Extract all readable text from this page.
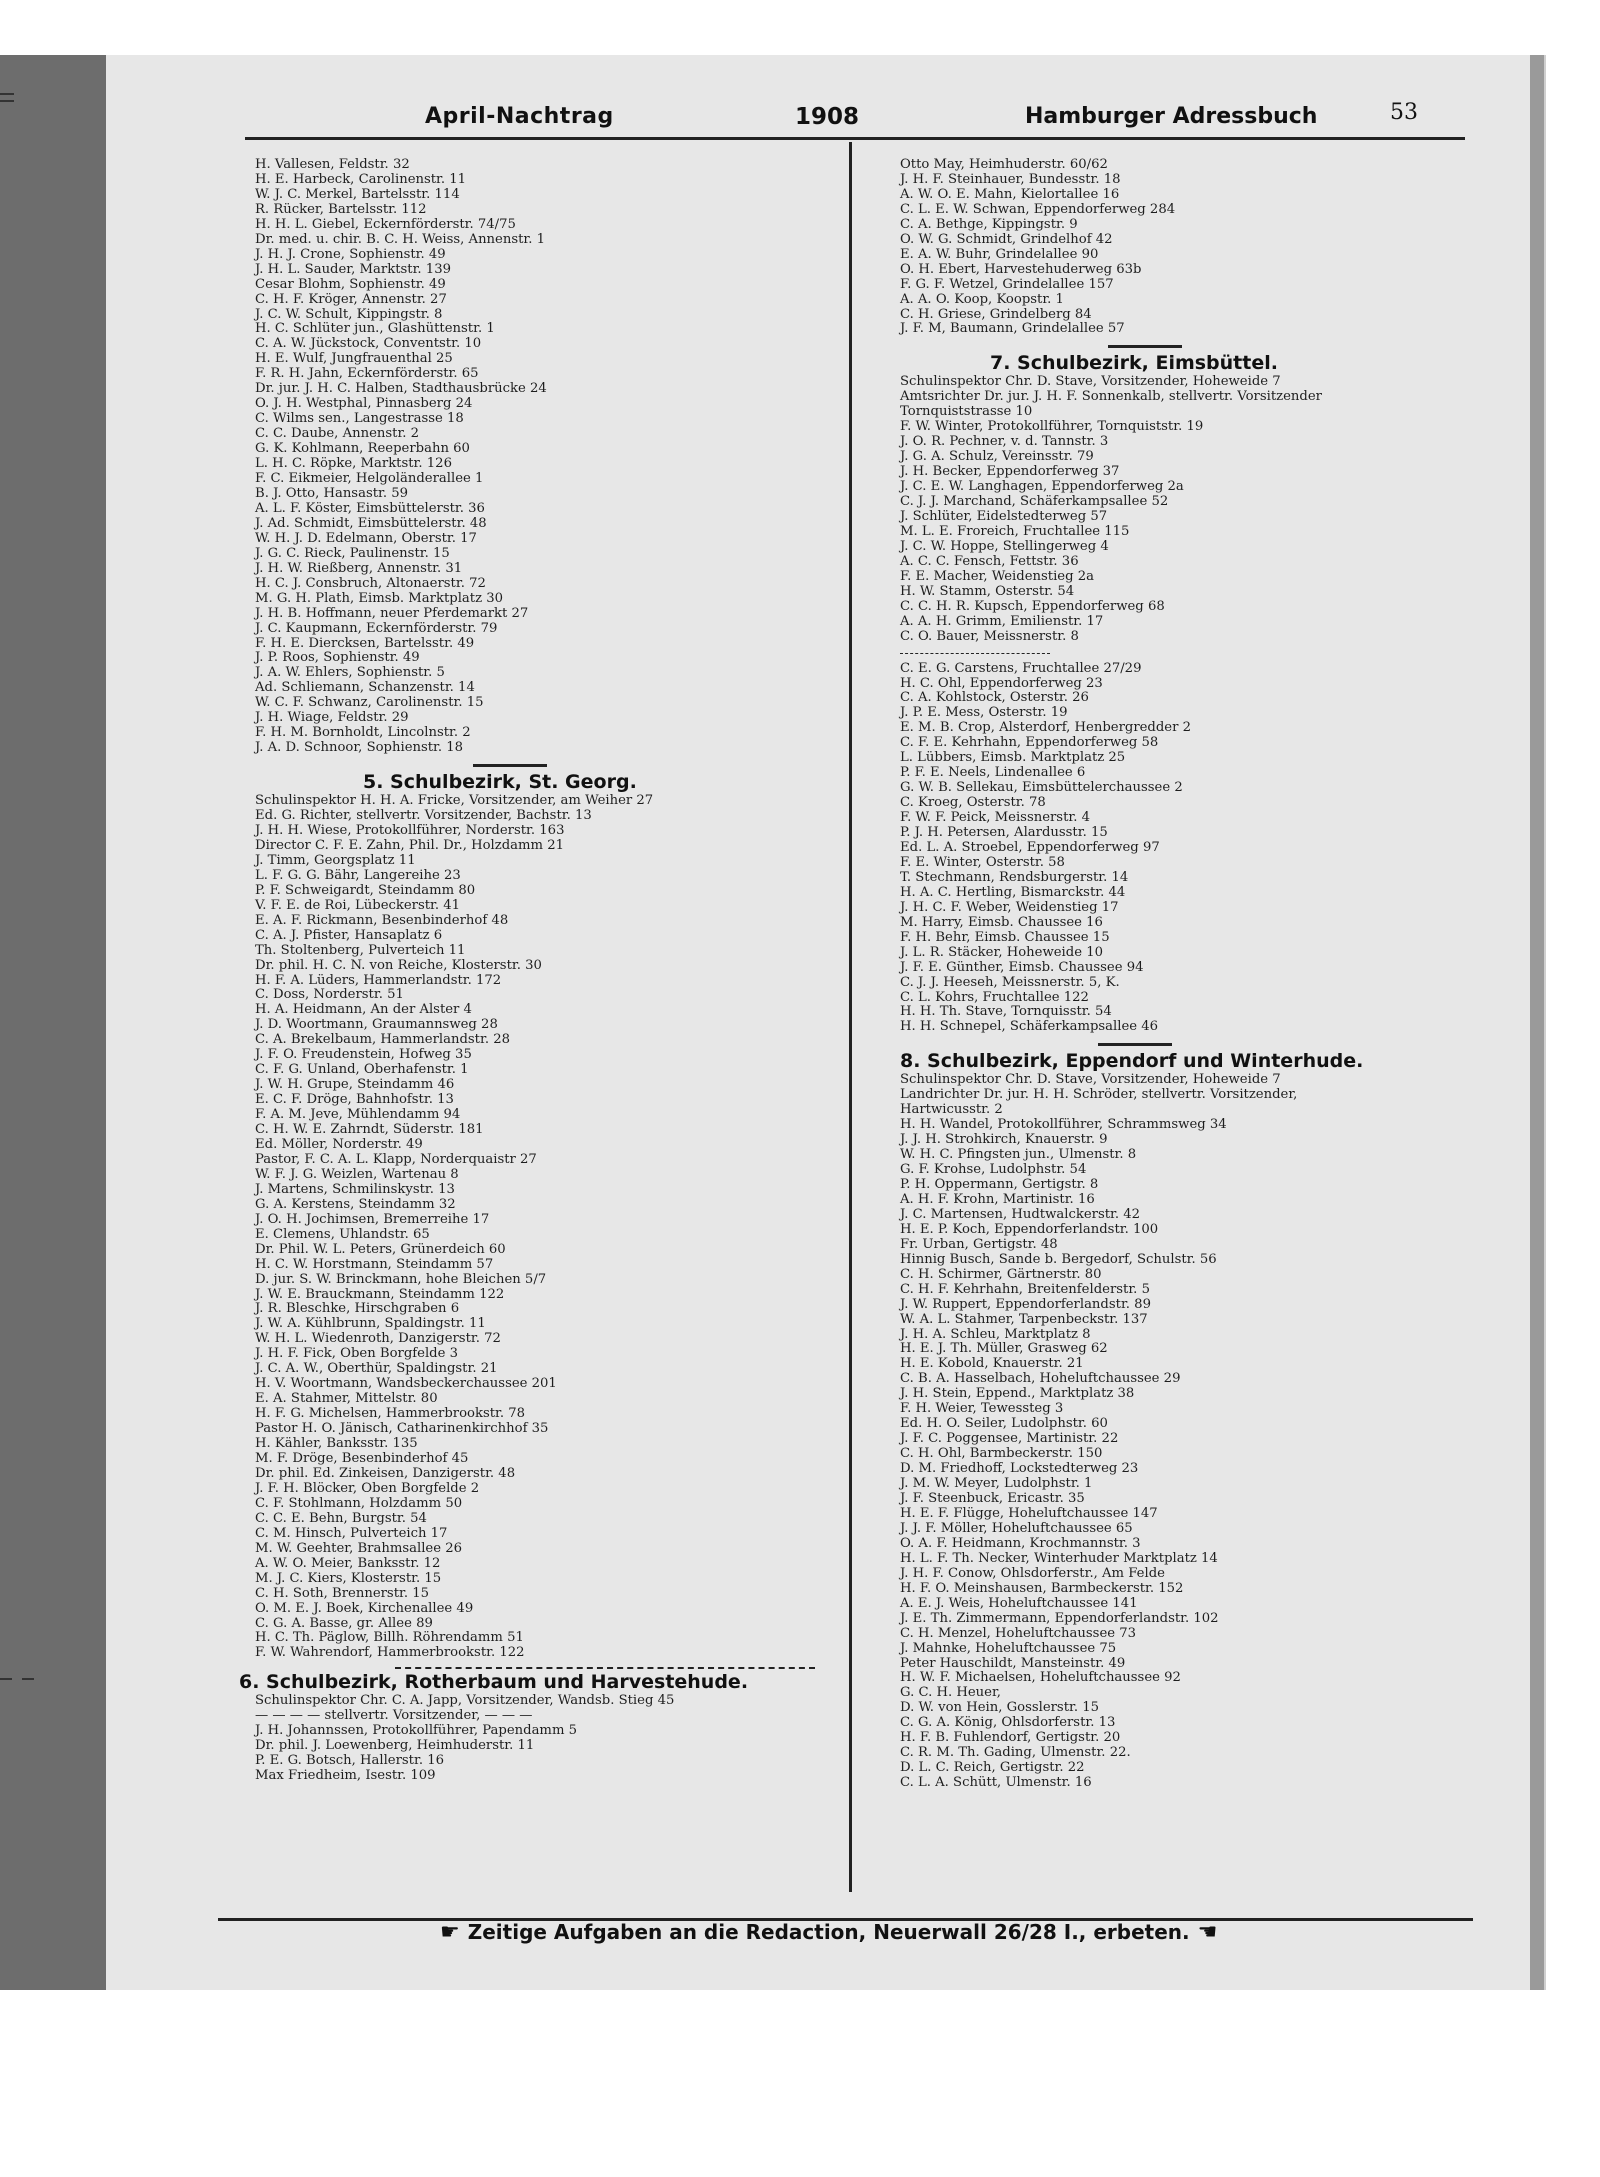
April-Nachtrag	1908	Hamburger Adressbuch	53
H. Vallesen, Feldstr. 32
H. E. Harbeck, Carolinenstr. 11
W. J. C. Merkel, Bartelsstr. 114
R. Rücker, Bartelsstr. 112
H. H. L. Giebel, Eckernförderstr. 74/75
Dr. med. u. chir. B. C. H. Weiss, Annenstr. 1
J. H. J. Crone, Sophienstr. 49
J. H. L. Sauder, Marktstr. 139
Cesar Blohm, Sophienstr. 49
C. H. F. Kröger, Annenstr. 27
J. C. W. Schult, Kippingstr. 8
H. C. Schlüter jun., Glashüttenstr. 1
C. A. W. Jückstock, Conventstr. 10
H. E. Wulf, Jungfrauenthal 25
F. R. H. Jahn, Eckernförderstr. 65
Dr. jur. J. H. C. Halben, Stadthausbrücke 24
O. J. H. Westphal, Pinnasberg 24
C. Wilms sen., Langestrasse 18
C. C. Daube, Annenstr. 2
G. K. Kohlmann, Reeperbahn 60
L. H. C. Röpke, Marktstr. 126
F. C. Eikmeier, Helgoländerallee 1
B. J. Otto, Hansastr. 59
A. L. F. Köster, Eimsbüttelerstr. 36
J. Ad. Schmidt, Eimsbüttelerstr. 48
W. H. J. D. Edelmann, Oberstr. 17
J. G. C. Rieck, Paulinenstr. 15
J. H. W. Rießberg, Annenstr. 31
H. C. J. Consbruch, Altonaerstr. 72
M. G. H. Plath, Eimsb. Marktplatz 30
J. H. B. Hoffmann, neuer Pferdemarkt 27
J. C. Kaupmann, Eckernförderstr. 79
F. H. E. Diercksen, Bartelsstr. 49
J. P. Roos, Sophienstr. 49
J. A. W. Ehlers, Sophienstr. 5
Ad. Schliemann, Schanzenstr. 14
W. C. F. Schwanz, Carolinenstr. 15
J. H. Wiage, Feldstr. 29
F. H. M. Bornholdt, Lincolnstr. 2
J. A. D. Schnoor, Sophienstr. 18
5. Schulbezirk, St. Georg.
Schulinspektor H. H. A. Fricke, Vorsitzender, am Weiher 27
Ed. G. Richter, stellvertr. Vorsitzender, Bachstr. 13
J. H. H. Wiese, Protokollführer, Norderstr. 163
Director C. F. E. Zahn, Phil. Dr., Holzdamm 21
J. Timm, Georgsplatz 11
L. F. G. G. Bähr, Langereihe 23
P. F. Schweigardt, Steindamm 80
V. F. E. de Roi, Lübeckerstr. 41
E. A. F. Rickmann, Besenbinderhof 48
C. A. J. Pfister, Hansaplatz 6
Th. Stoltenberg, Pulverteich 11
Dr. phil. H. C. N. von Reiche, Klosterstr. 30
H. F. A. Lüders, Hammerlandstr. 172
C. Doss, Norderstr. 51
H. A. Heidmann, An der Alster 4
J. D. Woortmann, Graumannsweg 28
C. A. Brekelbaum, Hammerlandstr. 28
J. F. O. Freudenstein, Hofweg 35
C. F. G. Unland, Oberhafenstr. 1
J. W. H. Grupe, Steindamm 46
E. C. F. Dröge, Bahnhofstr. 13
F. A. M. Jeve, Mühlendamm 94
C. H. W. E. Zahrndt, Süderstr. 181
Ed. Möller, Norderstr. 49
Pastor, F. C. A. L. Klapp, Norderquaistr 27
W. F. J. G. Weizlen, Wartenau 8
J. Martens, Schmilinskystr. 13
G. A. Kerstens, Steindamm 32
J. O. H. Jochimsen, Bremerreihe 17
E. Clemens, Uhlandstr. 65
Dr. Phil. W. L. Peters, Grünerdeich 60
H. C. W. Horstmann, Steindamm 57
D. jur. S. W. Brinckmann, hohe Bleichen 5/7
J. W. E. Brauckmann, Steindamm 122
J. R. Bleschke, Hirschgraben 6
J. W. A. Kühlbrunn, Spaldingstr. 11
W. H. L. Wiedenroth, Danzigerstr. 72
J. H. F. Fick, Oben Borgfelde 3
J. C. A. W., Oberthür, Spaldingstr. 21
H. V. Woortmann, Wandsbeckerchaussee 201
E. A. Stahmer, Mittelstr. 80
H. F. G. Michelsen, Hammerbrookstr. 78
Pastor H. O. Jänisch, Catharinenkirchhof 35
H. Kähler, Banksstr. 135
M. F. Dröge, Besenbinderhof 45
Dr. phil. Ed. Zinkeisen, Danzigerstr. 48
J. F. H. Blöcker, Oben Borgfelde 2
C. F. Stohlmann, Holzdamm 50
C. C. E. Behn, Burgstr. 54
C. M. Hinsch, Pulverteich 17
M. W. Geehter, Brahmsallee 26
A. W. O. Meier, Banksstr. 12
M. J. C. Kiers, Klosterstr. 15
C. H. Soth, Brennerstr. 15
O. M. E. J. Boek, Kirchenallee 49
C. G. A. Basse, gr. Allee 89
H. C. Th. Päglow, Billh. Röhrendamm 51
F. W. Wahrendorf, Hammerbrookstr. 122
6. Schulbezirk, Rotherbaum und Harvestehude.
Schulinspektor Chr. C. A. Japp, Vorsitzender, Wandsb. Stieg 45
— — — — stellvertr. Vorsitzender, — — —
J. H. Johannssen, Protokollführer, Papendamm 5
Dr. phil. J. Loewenberg, Heimhuderstr. 11
P. E. G. Botsch, Hallerstr. 16
Max Friedheim, Isestr. 109
Otto May, Heimhuderstr. 60/62
J. H. F. Steinhauer, Bundesstr. 18
A. W. O. E. Mahn, Kielortallee 16
C. L. E. W. Schwan, Eppendorferweg 284
C. A. Bethge, Kippingstr. 9
O. W. G. Schmidt, Grindelhof 42
E. A. W. Buhr, Grindelallee 90
O. H. Ebert, Harvestehuderweg 63b
F. G. F. Wetzel, Grindelallee 157
A. A. O. Koop, Koopstr. 1
C. H. Griese, Grindelberg 84
J. F. M, Baumann, Grindelallee 57
7. Schulbezirk, Eimsbüttel.
Schulinspektor Chr. D. Stave, Vorsitzender, Hoheweide 7
Amtsrichter Dr. jur. J. H. F. Sonnenkalb, stellvertr. Vorsitzender
Tornquiststrasse 10
F. W. Winter, Protokollführer, Tornquiststr. 19
J. O. R. Pechner, v. d. Tannstr. 3
J. G. A. Schulz, Vereinsstr. 79
J. H. Becker, Eppendorferweg 37
J. C. E. W. Langhagen, Eppendorferweg 2a
C. J. J. Marchand, Schäferkampsallee 52
J. Schlüter, Eidelstedterweg 57
M. L. E. Froreich, Fruchtallee 115
J. C. W. Hoppe, Stellingerweg 4
A. C. C. Fensch, Fettstr. 36
F. E. Macher, Weidenstieg 2a
H. W. Stamm, Osterstr. 54
C. C. H. R. Kupsch, Eppendorferweg 68
A. A. H. Grimm, Emilienstr. 17
C. O. Bauer, Meissnerstr. 8
C. E. G. Carstens, Fruchtallee 27/29
H. C. Ohl, Eppendorferweg 23
C. A. Kohlstock, Osterstr. 26
J. P. E. Mess, Osterstr. 19
E. M. B. Crop, Alsterdorf, Henbergredder 2
C. F. E. Kehrhahn, Eppendorferweg 58
L. Lübbers, Eimsb. Marktplatz 25
P. F. E. Neels, Lindenallee 6
G. W. B. Sellekau, Eimsbüttelerchaussee 2
C. Kroeg, Osterstr. 78
F. W. F. Peick, Meissnerstr. 4
P. J. H. Petersen, Alardusstr. 15
Ed. L. A. Stroebel, Eppendorferweg 97
F. E. Winter, Osterstr. 58
T. Stechmann, Rendsburgerstr. 14
H. A. C. Hertling, Bismarckstr. 44
J. H. C. F. Weber, Weidenstieg 17
M. Harry, Eimsb. Chaussee 16
F. H. Behr, Eimsb. Chaussee 15
J. L. R. Stäcker, Hoheweide 10
J. F. E. Günther, Eimsb. Chaussee 94
C. J. J. Heeseh, Meissnerstr. 5, K.
C. L. Kohrs, Fruchtallee 122
H. H. Th. Stave, Tornquisstr. 54
H. H. Schnepel, Schäferkampsallee 46
8. Schulbezirk, Eppendorf und Winterhude.
Schulinspektor Chr. D. Stave, Vorsitzender, Hoheweide 7
Landrichter Dr. jur. H. H. Schröder, stellvertr. Vorsitzender,
Hartwicusstr. 2
H. H. Wandel, Protokollführer, Schrammsweg 34
J. J. H. Strohkirch, Knauerstr. 9
W. H. C. Pfingsten jun., Ulmenstr. 8
G. F. Krohse, Ludolphstr. 54
P. H. Oppermann, Gertigstr. 8
A. H. F. Krohn, Martinistr. 16
J. C. Martensen, Hudtwalckerstr. 42
H. E. P. Koch, Eppendorferlandstr. 100
Fr. Urban, Gertigstr. 48
Hinnig Busch, Sande b. Bergedorf, Schulstr. 56
C. H. Schirmer, Gärtnerstr. 80
C. H. F. Kehrhahn, Breitenfelderstr. 5
J. W. Ruppert, Eppendorferlandstr. 89
W. A. L. Stahmer, Tarpenbeckstr. 137
J. H. A. Schleu, Marktplatz 8
H. E. J. Th. Müller, Grasweg 62
H. E. Kobold, Knauerstr. 21
C. B. A. Hasselbach, Hoheluftchaussee 29
J. H. Stein, Eppend., Marktplatz 38
F. H. Weier, Tewessteg 3
Ed. H. O. Seiler, Ludolphstr. 60
J. F. C. Poggensee, Martinistr. 22
C. H. Ohl, Barmbeckerstr. 150
D. M. Friedhoff, Lockstedterweg 23
J. M. W. Meyer, Ludolphstr. 1
J. F. Steenbuck, Ericastr. 35
H. E. F. Flügge, Hoheluftchaussee 147
J. J. F. Möller, Hoheluftchaussee 65
O. A. F. Heidmann, Krochmannstr. 3
H. L. F. Th. Necker, Winterhuder Marktplatz 14
J. H. F. Conow, Ohlsdorferstr., Am Felde
H. F. O. Meinshausen, Barmbeckerstr. 152
A. E. J. Weis, Hoheluftchaussee 141
J. E. Th. Zimmermann, Eppendorferlandstr. 102
C. H. Menzel, Hoheluftchaussee 73
J. Mahnke, Hoheluftchaussee 75
Peter Hauschildt, Mansteinstr. 49
H. W. F. Michaelsen, Hoheluftchaussee 92
G. C. H. Heuer,
D. W. von Hein, Gosslerstr. 15
C. G. A. König, Ohlsdorferstr. 13
H. F. B. Fuhlendorf, Gertigstr. 20
C. R. M. Th. Gading, Ulmenstr. 22.
D. L. C. Reich, Gertigstr. 22
C. L. A. Schütt, Ulmenstr. 16
☛ Zeitige Aufgaben an die Redaction, Neuerwall 26/28 I., erbeten. ☚
